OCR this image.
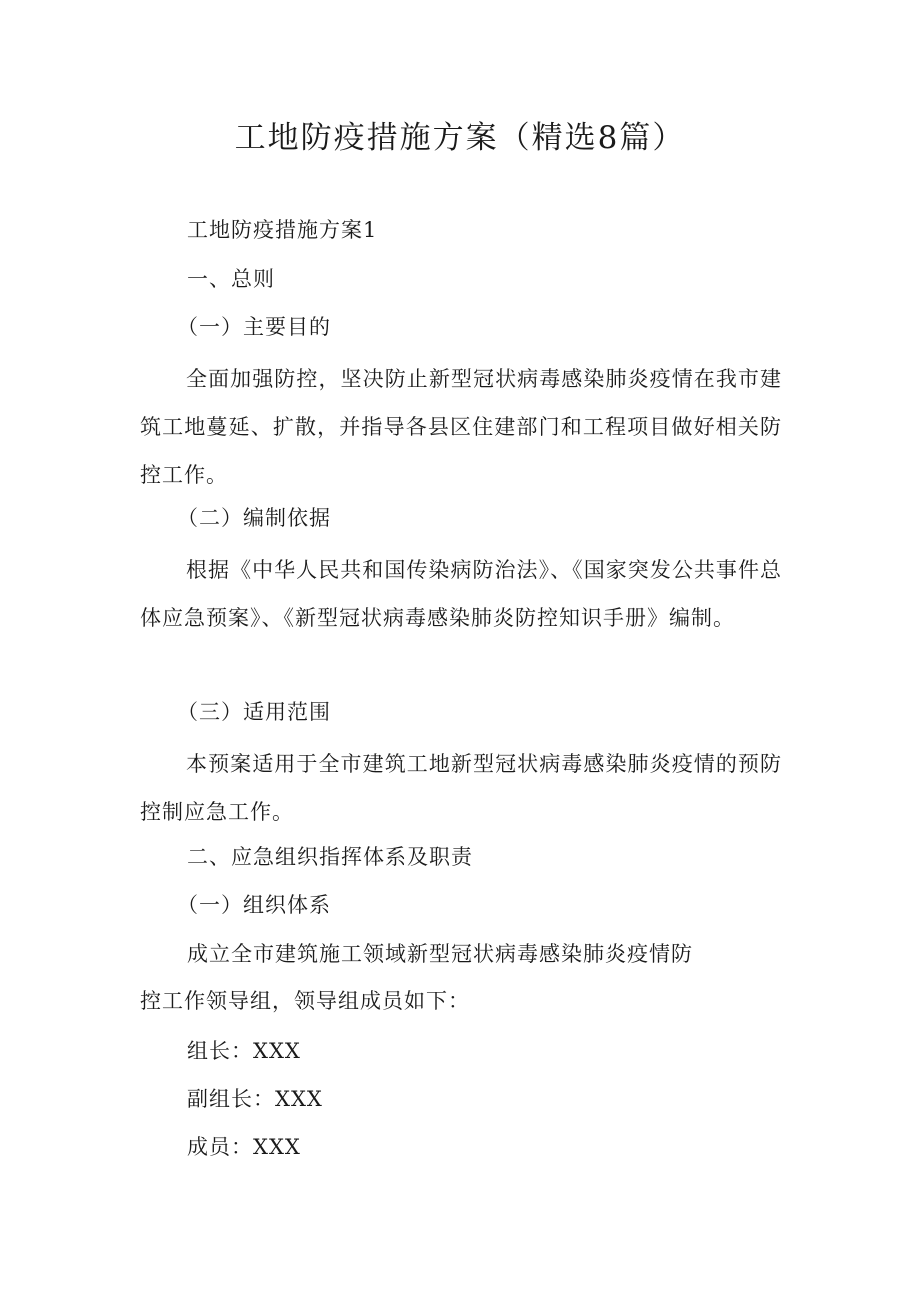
工地防疫措施方案（精选8篇）
工地防疫措施方案1
一、总则
（一）主要目的
全面加强防控，坚决防止新型冠状病毒感染肺炎疫情在我市建筑工地蔓延、扩散，并指导各县区住建部门和工程项目做好相关防控工作。
（二）编制依据
根据《中华人民共和国传染病防治法》、《国家突发公共事件总体应急预案》、《新型冠状病毒感染肺炎防控知识手册》编制。
（三）适用范围
本预案适用于全市建筑工地新型冠状病毒感染肺炎疫情的预防控制应急工作。
二、应急组织指挥体系及职责
（一）组织体系
成立全市建筑施工领域新型冠状病毒感染肺炎疫情防
控工作领导组，领导组成员如下：
组长：XXX
副组长：XXX
成员：XXX
